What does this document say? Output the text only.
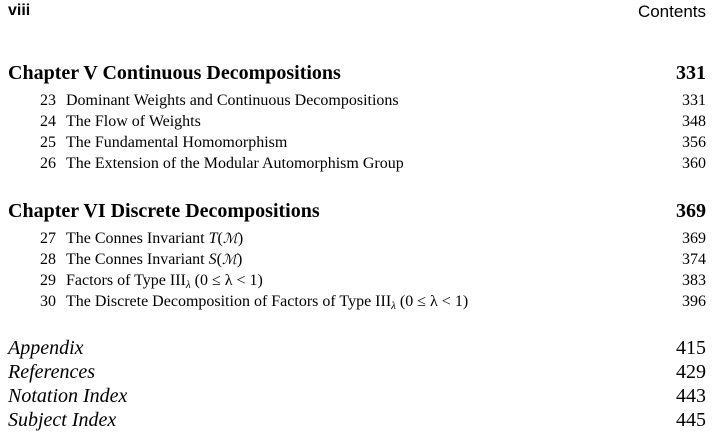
viii	Contents
Chapter V Continuous Decompositions	331
23 Dominant Weights and Continuous Decompositions	331
24 The Flow of Weights	348
25 The Fundamental Homomorphism	356
26 The Extension of the Modular Automorphism Group	360
Chapter VI Discrete Decompositions	369
27 The Connes Invariant T(ℳ)	369
28 The Connes Invariant S(ℳ)	374
29 Factors of Type $III_\lambda$ (0 ≤ λ < 1)	383
30 The Discrete Decomposition of Factors of Type $III_\lambda$ (0 ≤ λ < 1)	396
Appendix	415
References	429
Notation Index	443
Subject Index	445
